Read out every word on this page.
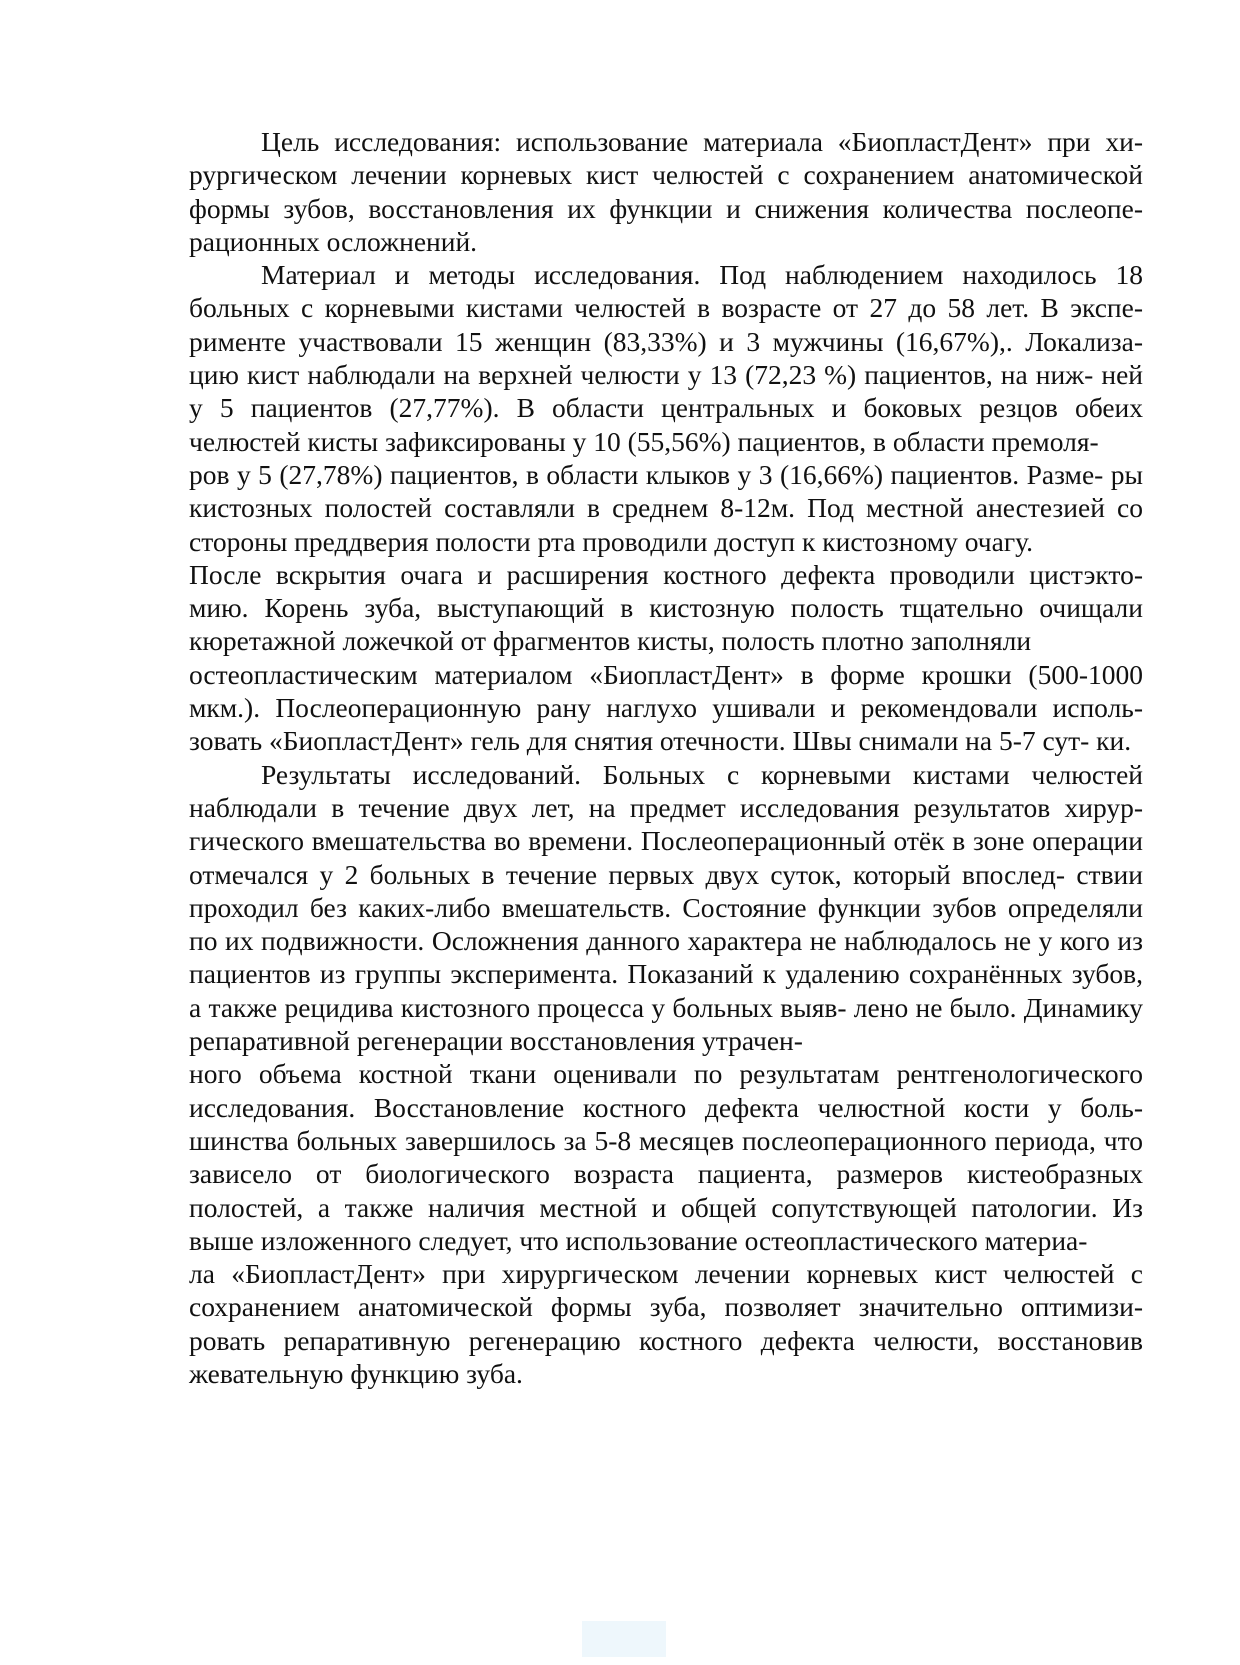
Цель исследования: использование материала «БиопластДент» при хи- рургическом лечении корневых кист челюстей с сохранением анатомической формы зубов, восстановления их функции и снижения количества послеопе- рационных осложнений.

Материал и методы исследования. Под наблюдением находилось 18 больных с корневыми кистами челюстей в возрасте от 27 до 58 лет. В экспе- рименте участвовали 15 женщин (83,33%) и 3 мужчины (16,67%),. Локализа- цию кист наблюдали на верхней челюсти у 13 (72,23 %) пациентов, на ниж- ней у 5 пациентов (27,77%). В области центральных и боковых резцов обеих челюстей кисты зафиксированы у 10 (55,56%) пациентов, в области премоля-

ров у 5 (27,78%) пациентов, в области клыков у 3 (16,66%) пациентов. Разме- ры кистозных полостей составляли в среднем 8-12м. Под местной анестезией со стороны преддверия полости рта проводили доступ к кистозному очагу.

После вскрытия очага и расширения костного дефекта проводили цистэкто- мию. Корень зуба, выступающий в кистозную полость тщательно очищали кюретажной ложечкой от фрагментов кисты, полость плотно заполняли

остеопластическим материалом «БиопластДент» в форме крошки (500-1000 мкм.). Послеоперационную рану наглухо ушивали и рекомендовали исполь- зовать «БиопластДент» гель для снятия отечности. Швы снимали на 5-7 сут- ки.

Результаты исследований. Больных с корневыми кистами челюстей наблюдали в течение двух лет, на предмет исследования результатов хирур- гического вмешательства во времени. Послеоперационный отёк в зоне операции отмечался у 2 больных в течение первых двух суток, который впослед- ствии проходил без каких-либо вмешательств. Состояние функции зубов определяли по их подвижности. Осложнения данного характера не наблюдалось не у кого из пациентов из группы эксперимента. Показаний к удалению сохранённых зубов, а также рецидива кистозного процесса у больных выяв- лено не было. Динамику репаративной регенерации восстановления утрачен-

ного объема костной ткани оценивали по результатам рентгенологического исследования. Восстановление костного дефекта челюстной кости у боль- шинства больных завершилось за 5-8 месяцев послеоперационного периода, что зависело от биологического возраста пациента, размеров кистеобразных полостей, а также наличия местной и общей сопутствующей патологии. Из выше изложенного следует, что использование остеопластического материа-

ла «БиопластДент» при хирургическом лечении корневых кист челюстей с сохранением анатомической формы зуба, позволяет значительно оптимизи- ровать репаративную регенерацию костного дефекта челюсти, восстановив жевательную функцию зуба.
